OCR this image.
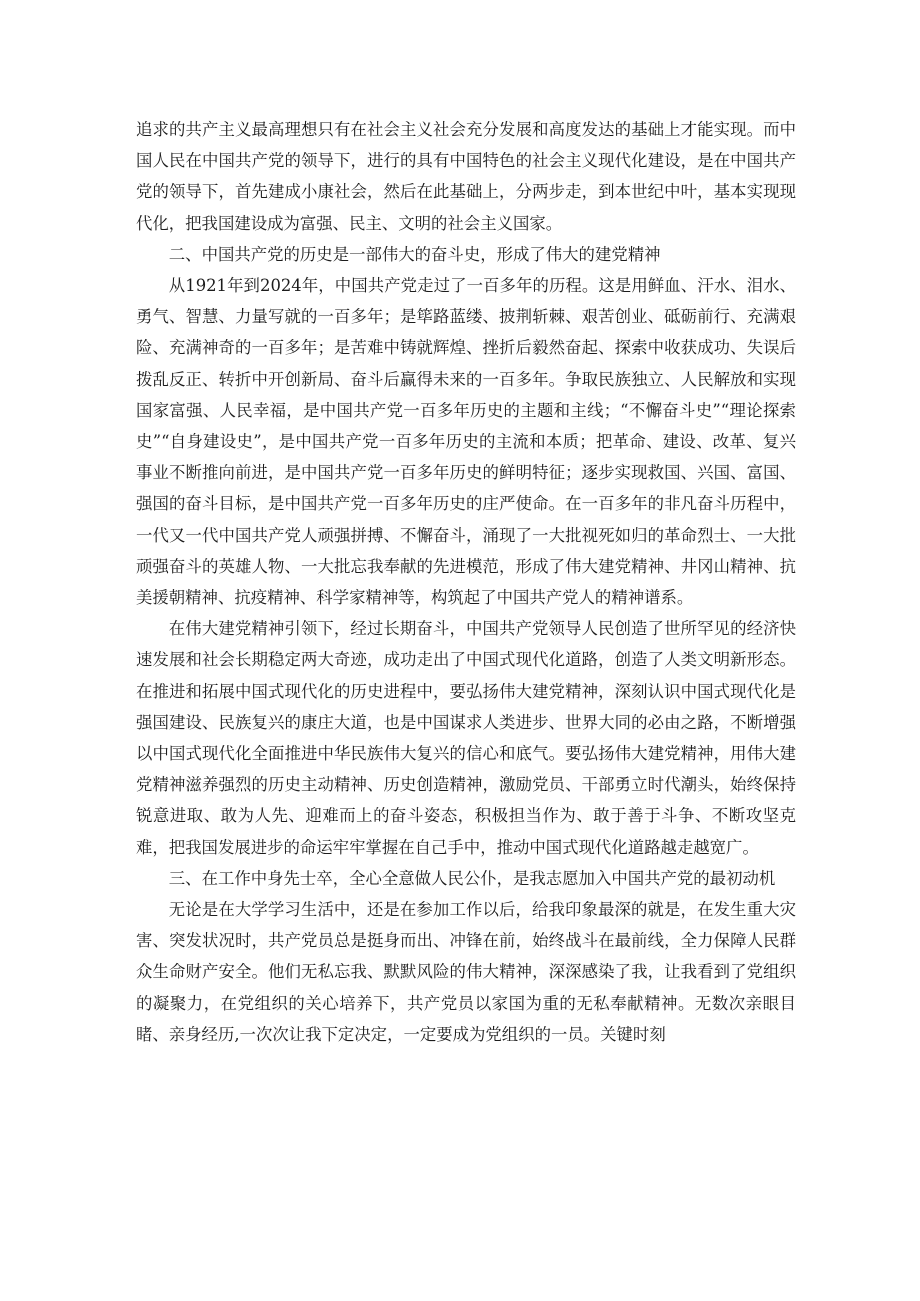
追求的共产主义最高理想只有在社会主义社会充分发展和高度发达的基础上才能实现。而中国人民在中国共产党的领导下，进行的具有中国特色的社会主义现代化建设，是在中国共产党的领导下，首先建成小康社会，然后在此基础上，分两步走，到本世纪中叶，基本实现现代化，把我国建设成为富强、民主、文明的社会主义国家。

二、中国共产党的历史是一部伟大的奋斗史，形成了伟大的建党精神

从1921年到2024年，中国共产党走过了一百多年的历程。这是用鲜血、汗水、泪水、勇气、智慧、力量写就的一百多年；是筚路蓝缕、披荆斩棘、艰苦创业、砥砺前行、充满艰险、充满神奇的一百多年；是苦难中铸就辉煌、挫折后毅然奋起、探索中收获成功、失误后拨乱反正、转折中开创新局、奋斗后赢得未来的一百多年。争取民族独立、人民解放和实现国家富强、人民幸福，是中国共产党一百多年历史的主题和主线；“不懈奋斗史”“理论探索史”“自身建设史”，是中国共产党一百多年历史的主流和本质；把革命、建设、改革、复兴事业不断推向前进，是中国共产党一百多年历史的鲜明特征；逐步实现救国、兴国、富国、强国的奋斗目标，是中国共产党一百多年历史的庄严使命。在一百多年的非凡奋斗历程中，一代又一代中国共产党人顽强拼搏、不懈奋斗，涌现了一大批视死如归的革命烈士、一大批顽强奋斗的英雄人物、一大批忘我奉献的先进模范，形成了伟大建党精神、井冈山精神、抗美援朝精神、抗疫精神、科学家精神等，构筑起了中国共产党人的精神谱系。

在伟大建党精神引领下，经过长期奋斗，中国共产党领导人民创造了世所罕见的经济快速发展和社会长期稳定两大奇迹，成功走出了中国式现代化道路，创造了人类文明新形态。在推进和拓展中国式现代化的历史进程中，要弘扬伟大建党精神，深刻认识中国式现代化是强国建设、民族复兴的康庄大道，也是中国谋求人类进步、世界大同的必由之路，不断增强以中国式现代化全面推进中华民族伟大复兴的信心和底气。要弘扬伟大建党精神，用伟大建党精神滋养强烈的历史主动精神、历史创造精神，激励党员、干部勇立时代潮头，始终保持锐意进取、敢为人先、迎难而上的奋斗姿态，积极担当作为、敢于善于斗争、不断攻坚克难，把我国发展进步的命运牢牢掌握在自己手中，推动中国式现代化道路越走越宽广。

三、在工作中身先士卒，全心全意做人民公仆，是我志愿加入中国共产党的最初动机

无论是在大学学习生活中，还是在参加工作以后，给我印象最深的就是，在发生重大灾害、突发状况时，共产党员总是挺身而出、冲锋在前，始终战斗在最前线，全力保障人民群众生命财产安全。他们无私忘我、默默风险的伟大精神，深深感染了我，让我看到了党组织的凝聚力，在党组织的关心培养下，共产党员以家国为重的无私奉献精神。无数次亲眼目睹、亲身经历,一次次让我下定决定，一定要成为党组织的一员。关键时刻
